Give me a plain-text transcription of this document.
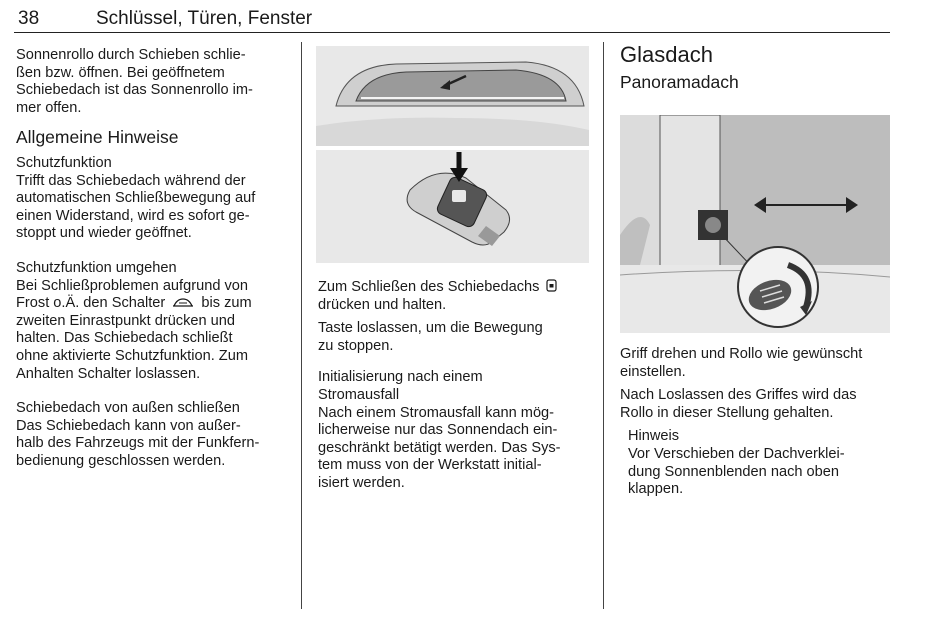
38	Schlüssel, Türen, Fenster

Sonnenrollo durch Schieben schlie-

ßen bzw. öffnen. Bei geöffnetem

Schiebedach ist das Sonnenrollo im-

mer offen.

Allgemeine Hinweise

Schutzfunktion

Trifft das Schiebedach während der

automatischen Schließbewegung auf

einen Widerstand, wird es sofort ge-

stoppt und wieder geöffnet.

Schutzfunktion umgehen

Bei Schließproblemen aufgrund von

Frost o.Ä. den Schalter bis zum

zweiten Einrastpunkt drücken und

halten. Das Schiebedach schließt

ohne aktivierte Schutzfunktion. Zum

Anhalten Schalter loslassen.

Schiebedach von außen schließen

Das Schiebedach kann von außer-

halb des Fahrzeugs mit der Funkfern-

bedienung geschlossen werden.

Zum Schließen des Schiebedachs

drücken und halten.

Taste loslassen, um die Bewegung

zu stoppen.

Initialisierung nach einem

Stromausfall

Nach einem Stromausfall kann mög-

licherweise nur das Sonnendach ein-

geschränkt betätigt werden. Das Sys-

tem muss von der Werkstatt initial-

isiert werden.

Glasdach
Panoramadach

Griff drehen und Rollo wie gewünscht

einstellen.

Nach Loslassen des Griffes wird das

Rollo in dieser Stellung gehalten.

Hinweis

Vor Verschieben der Dachverklei-

dung Sonnenblenden nach oben

klappen.
